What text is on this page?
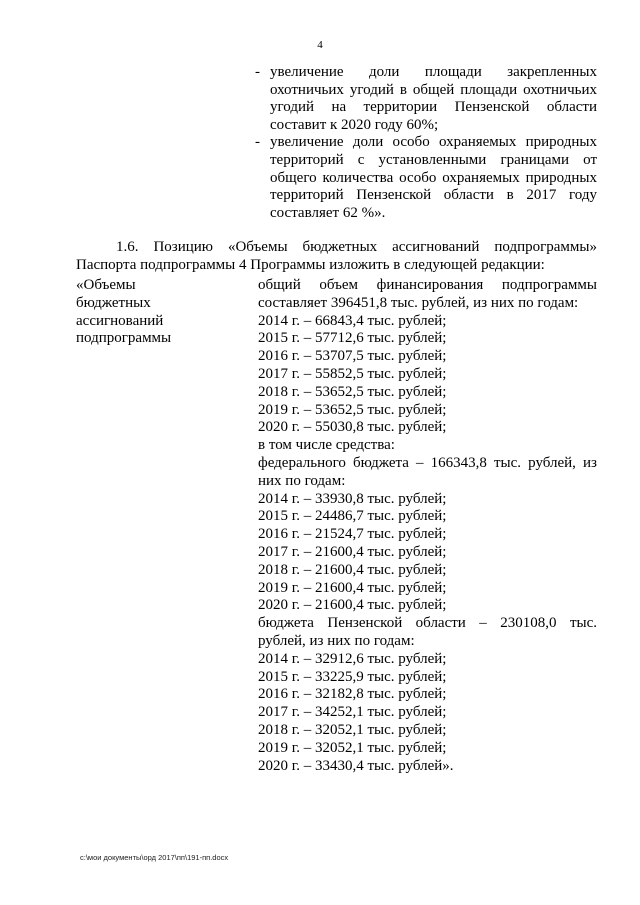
4
- увеличение доли площади закрепленных охотничьих угодий в общей площади охотничьих угодий на территории Пензенской области составит к 2020 году 60%;
- увеличение доли особо охраняемых природных территорий с установленными границами от общего количества особо охраняемых природных территорий Пензенской области в 2017 году составляет 62 %».
1.6. Позицию «Объемы бюджетных ассигнований подпрограммы» Паспорта подпрограммы 4 Программы изложить в следующей редакции:
«Объемы
бюджетных
ассигнований
подпрограммы
общий объем финансирования подпрограммы составляет 396451,8 тыс. рублей, из них по годам:
2014 г. – 66843,4 тыс. рублей;
2015 г. – 57712,6 тыс. рублей;
2016 г. – 53707,5 тыс. рублей;
2017 г. – 55852,5 тыс. рублей;
2018 г. – 53652,5 тыс. рублей;
2019 г. – 53652,5 тыс. рублей;
2020 г. – 55030,8 тыс. рублей;
в том числе средства:
федерального бюджета – 166343,8 тыс. рублей, из них по годам:
2014 г. – 33930,8 тыс. рублей;
2015 г. – 24486,7 тыс. рублей;
2016 г. – 21524,7 тыс. рублей;
2017 г. – 21600,4 тыс. рублей;
2018 г. – 21600,4 тыс. рублей;
2019 г. – 21600,4 тыс. рублей;
2020 г. – 21600,4 тыс. рублей;
бюджета Пензенской области – 230108,0 тыс. рублей, из них по годам:
2014 г. – 32912,6 тыс. рублей;
2015 г. – 33225,9 тыс. рублей;
2016 г. – 32182,8 тыс. рублей;
2017 г. – 34252,1 тыс. рублей;
2018 г. – 32052,1 тыс. рублей;
2019 г. – 32052,1 тыс. рублей;
2020 г. – 33430,4 тыс. рублей».
c:\мои документы\орд 2017\пп\191-пп.docx
